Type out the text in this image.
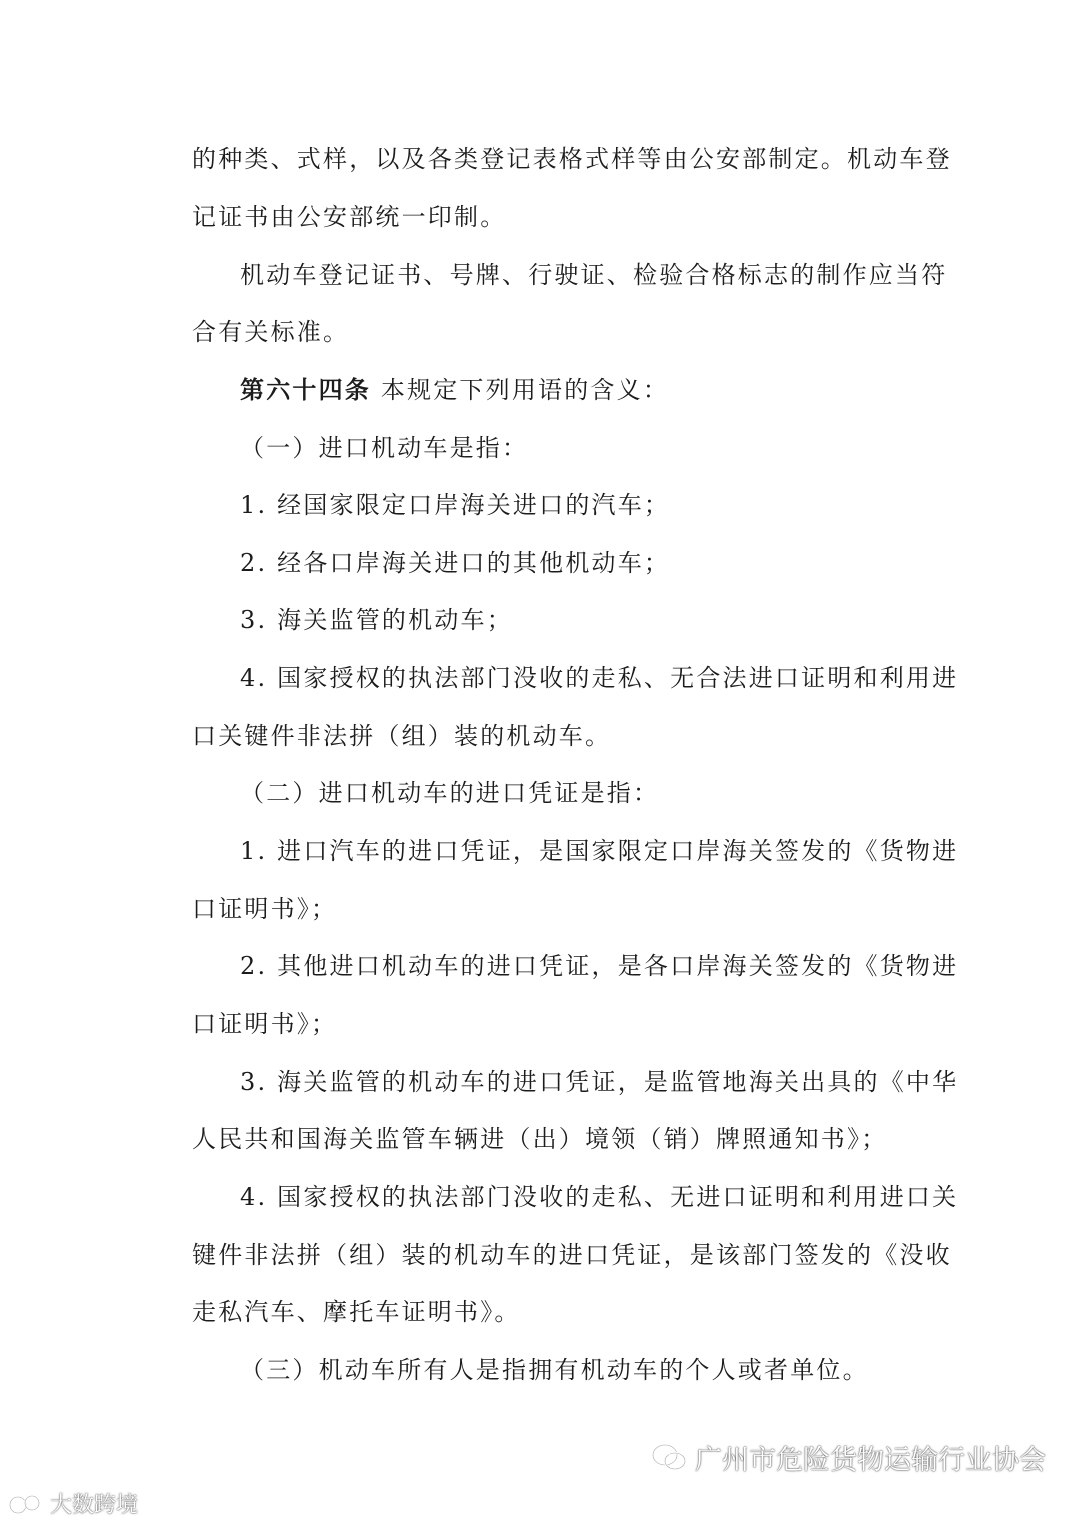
的种类、式样，以及各类登记表格式样等由公安部制定。机动车登
记证书由公安部统一印制。
机动车登记证书、号牌、行驶证、检验合格标志的制作应当符
合有关标准。
第六十四条 本规定下列用语的含义：
（一）进口机动车是指：
1. 经国家限定口岸海关进口的汽车；
2. 经各口岸海关进口的其他机动车；
3. 海关监管的机动车；
4. 国家授权的执法部门没收的走私、无合法进口证明和利用进
口关键件非法拼（组）装的机动车。
（二）进口机动车的进口凭证是指：
1. 进口汽车的进口凭证，是国家限定口岸海关签发的《货物进
口证明书》；
2. 其他进口机动车的进口凭证，是各口岸海关签发的《货物进
口证明书》；
3. 海关监管的机动车的进口凭证，是监管地海关出具的《中华
人民共和国海关监管车辆进（出）境领（销）牌照通知书》；
4. 国家授权的执法部门没收的走私、无进口证明和利用进口关
键件非法拼（组）装的机动车的进口凭证，是该部门签发的《没收
走私汽车、摩托车证明书》。
（三）机动车所有人是指拥有机动车的个人或者单位。
广州市危险货物运输行业协会
大数跨境
